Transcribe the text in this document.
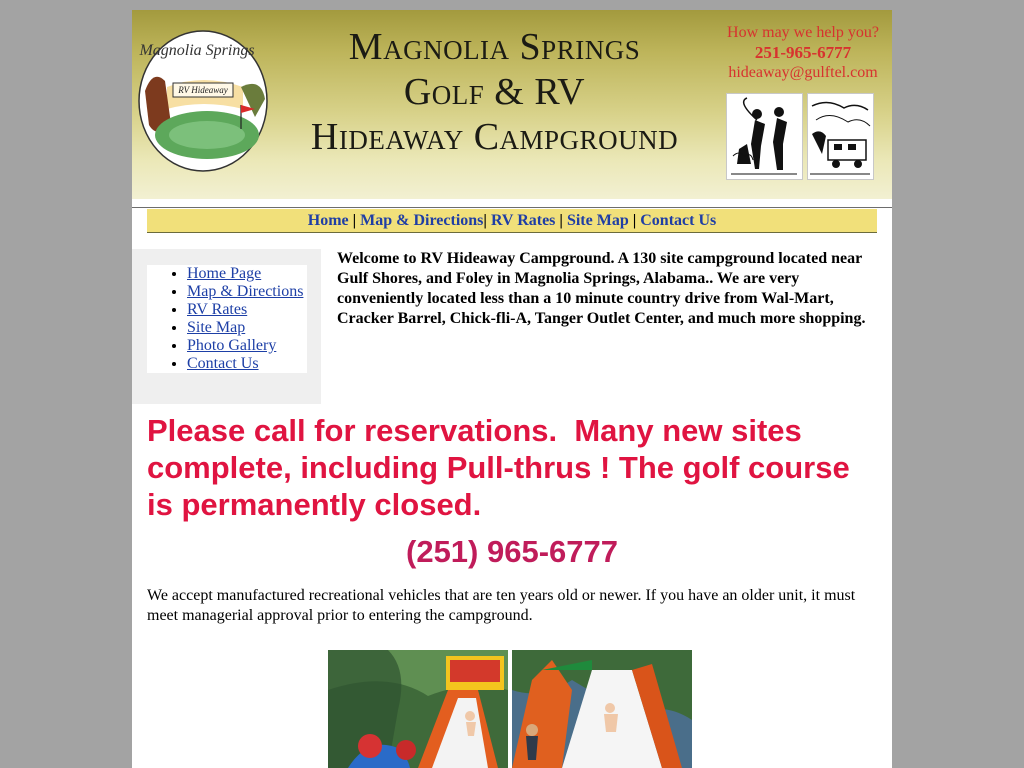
RV Hideaway
Magnolia Springs	Magnolia Springs
Golf & RV
Hideaway Campground
How may we help you?
251-965-6777
hideaway@gulftel.com
Home | Map & Directions| RV Rates | Site Map | Contact Us
• Home Page
• Map & Directions
• RV Rates
• Site Map
• Photo Gallery
• Contact Us
Welcome to RV Hideaway Campground. A 130 site campground located near Gulf Shores, and Foley in Magnolia Springs, Alabama.. We are very conveniently located less than a 10 minute country drive from Wal-Mart, Cracker Barrel, Chick-fli-A, Tanger Outlet Center, and much more shopping.
Please call for reservations.  Many new sites complete, including Pull-thrus ! The golf course is permanently closed.
(251) 965-6777
We accept manufactured recreational vehicles that are ten years old or newer. If you have an older unit, it must meet managerial approval prior to entering the campground.
